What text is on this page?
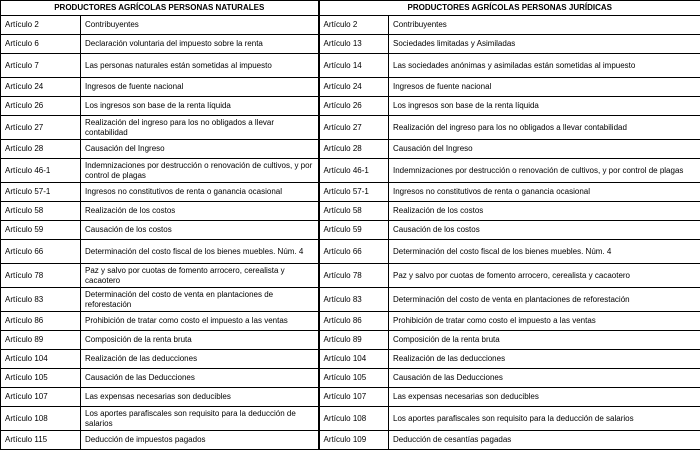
PRODUCTORES AGRÍCOLAS PERSONAS NATURALES		PRODUCTORES AGRÍCOLAS PERSONAS JURÍDICAS	
Artículo 2	Contribuyentes	Artículo 2	Contribuyentes
Artículo 6	Declaración voluntaria del impuesto sobre la renta	Artículo 13	Sociedades limitadas y Asimiladas
Artículo 7	Las personas naturales están sometidas al impuesto	Artículo 14	Las sociedades anónimas y asimiladas están sometidas al impuesto
Artículo 24	Ingresos de fuente nacional	Artículo 24	Ingresos de fuente nacional
Artículo 26	Los ingresos son base de la renta líquida	Artículo 26	Los ingresos son base de la renta líquida
Artículo 27	Realización del ingreso para los no obligados a llevar contabilidad	Artículo 27	Realización del ingreso para los no obligados a llevar contabilidad
Artículo 28	Causación del Ingreso	Artículo 28	Causación del Ingreso
Artículo 46-1	Indemnizaciones por destrucción o renovación de cultivos, y por control de plagas	Artículo 46-1	Indemnizaciones por destrucción o renovación de cultivos, y por control de plagas
Artículo 57-1	Ingresos no constitutivos de renta o ganancia ocasional	Artículo 57-1	Ingresos no constitutivos de renta o ganancia ocasional
Artículo 58	Realización de los costos	Artículo 58	Realización de los costos
Artículo 59	Causación de los costos	Artículo 59	Causación de los costos
Artículo 66	Determinación del costo fiscal de los bienes muebles. Núm. 4	Artículo 66	Determinación del costo fiscal de los bienes muebles. Núm. 4
Artículo 78	Paz y salvo por cuotas de fomento arrocero, cerealista y cacaotero	Artículo 78	Paz y salvo por cuotas de fomento arrocero, cerealista y cacaotero
Artículo 83	Determinación del costo de venta en plantaciones de reforestación	Artículo 83	Determinación del costo de venta en plantaciones de reforestación
Artículo 86	Prohibición de tratar como costo el impuesto a las ventas	Artículo 86	Prohibición de tratar como costo el impuesto a las ventas
Artículo 89	Composición de la renta bruta	Artículo 89	Composición de la renta bruta
Artículo 104	Realización de las deducciones	Artículo 104	Realización de las deducciones
Artículo 105	Causación de las Deducciones	Artículo 105	Causación de las Deducciones
Artículo 107	Las expensas necesarias son deducibles	Artículo 107	Las expensas necesarias son deducibles
Artículo 108	Los aportes parafiscales son requisito para la deducción de salarios	Artículo 108	Los aportes parafiscales son requisito para la deducción de salarios
Artículo 115	Deducción de impuestos pagados	Artículo 109	Deducción de cesantías pagadas
